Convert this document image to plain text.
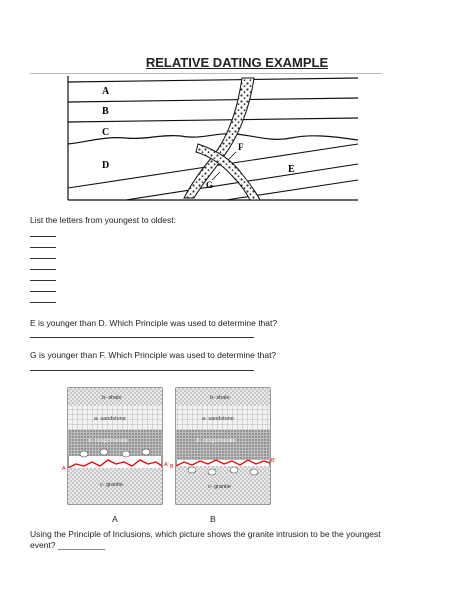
RELATIVE DATING EXAMPLE
A
B
C
D	E
F
G
List the letters from youngest to oldest:
E is younger than D. Which Principle was used to determine that?
G is younger than F. Which Principle was used to determine that?
b- shale
a- sandstone
d- conglomerate
c- granite
A
A'
b- shale
a- sandstone
d- conglomerate
c- granite
B
B'
A	B
Using the Principle of Inclusions, which picture shows the granite intrusion to be the youngest
event? __________
